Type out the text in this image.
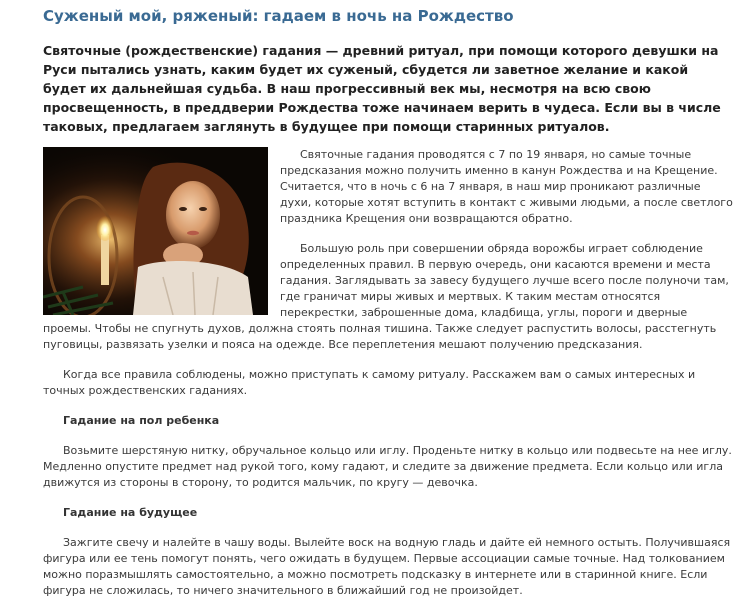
Суженый мой, ряженый: гадаем в ночь на Рождество
Святочные (рождественские) гадания — древний ритуал, при помощи которого девушки на Руси пытались узнать, каким будет их суженый, сбудется ли заветное желание и какой будет их дальнейшая судьба. В наш прогрессивный век мы, несмотря на всю свою просвещенность, в преддверии Рождества тоже начинаем верить в чудеса. Если вы в числе таковых, предлагаем заглянуть в будущее при помощи старинных ритуалов.
Святочные гадания проводятся с 7 по 19 января, но самые точные предсказания можно получить именно в канун Рождества и на Крещение. Считается, что в ночь с 6 на 7 января, в наш мир проникают различные духи, которые хотят вступить в контакт с живыми людьми, а после светлого праздника Крещения они возвращаются обратно.
Большую роль при совершении обряда ворожбы играет соблюдение определенных правил. В первую очередь, они касаются времени и места гадания. Заглядывать за завесу будущего лучше всего после полуночи там, где граничат миры живых и мертвых. К таким местам относятся перекрестки, заброшенные дома, кладбища, углы, пороги и дверные проемы. Чтобы не спугнуть духов, должна стоять полная тишина. Также следует распустить волосы, расстегнуть пуговицы, развязать узелки и пояса на одежде. Все переплетения мешают получению предсказания.
Когда все правила соблюдены, можно приступать к самому ритуалу. Расскажем вам о самых интересных и точных рождественских гаданиях.
Гадание на пол ребенка
Возьмите шерстяную нитку, обручальное кольцо или иглу. Проденьте нитку в кольцо или подвесьте на нее иглу. Медленно опустите предмет над рукой того, кому гадают, и следите за движение предмета. Если кольцо или игла движутся из стороны в сторону, то родится мальчик, по кругу — девочка.
Гадание на будущее
Зажгите свечу и налейте в чашу воды. Вылейте воск на водную гладь и дайте ей немного остыть. Получившаяся фигура или ее тень помогут понять, чего ожидать в будущем. Первые ассоциации самые точные. Над толкованием можно поразмышлять самостоятельно, а можно посмотреть подсказку в интернете или в старинной книге. Если фигура не сложилась, то ничего значительного в ближайший год не произойдет.
